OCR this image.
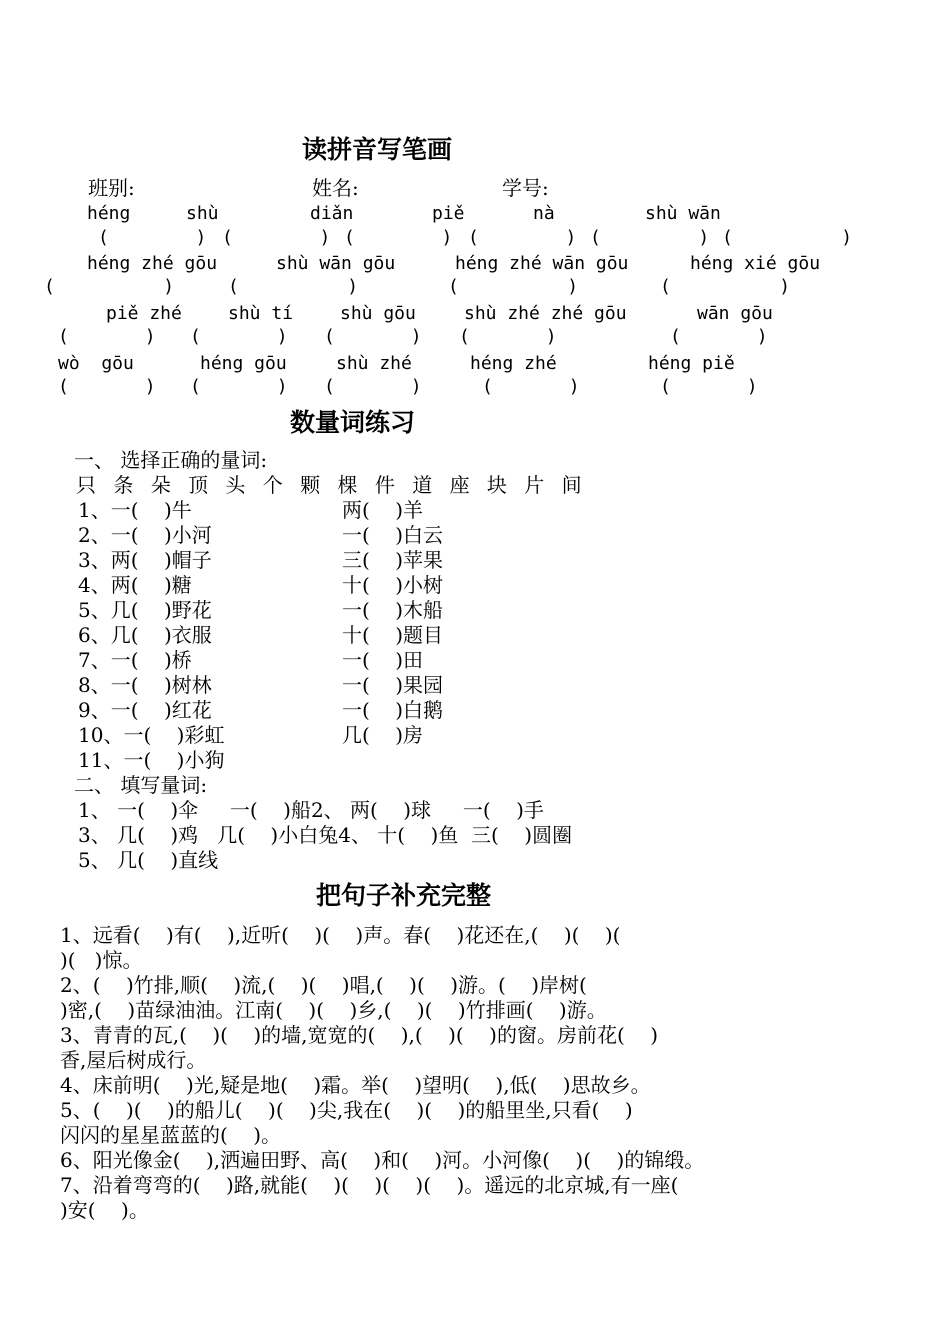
读拼音写笔画
班别:	姓名:	学号:
héng	shù	diǎn	piě	nà	shù wān
(        ) (        ) (        ) (        ) (         ) (          )
héng zhé gōu	shù wān gōu	héng zhé wān gōu	héng xié gōu
(          )	(          )	(          )	(          )
piě zhé	shù tí	shù gōu	shù zhé zhé gōu	wān gōu
(       ) (       ) (       ) (       )	(       )
wò  gōu	héng gōu	shù zhé	héng zhé	héng piě
(       ) (       ) (       )	(       )	(       )
数量词练习
一、 选择正确的量词:
只 条 朵 顶 头 个 颗 棵 件 道 座 块 片 间
1、一(    )牛	两(    )羊
2、一(    )小河	一(    )白云
3、两(    )帽子	三(    )苹果
4、两(    )糖	十(    )小树
5、几(    )野花	一(    )木船
6、几(    )衣服	十(    )题目
7、一(    )桥	一(    )田
8、一(    )树林	一(    )果园
9、一(    )红花	一(    )白鹅
10、一(    )彩虹	几(    )房
11、一(    )小狗
二、 填写量词:
1、 一(    )伞     一(    )船2、 两(    )球     一(    )手
3、 几(    )鸡   几(    )小白兔4、 十(    )鱼  三(    )圆圈
5、 几(    )直线
把句子补充完整

1、远看(    )有(    ),近听(    )(    )声。春(    )花还在,(    )(    )(

)(   )惊。

2、(    )竹排,顺(    )流,(    )(    )唱,(    )(    )游。(    )岸树(

)密,(    )苗绿油油。江南(    )(    )乡,(    )(    )竹排画(    )游。

3、青青的瓦,(    )(    )的墙,宽宽的(    ),(    )(    )的窗。房前花(    )

香,屋后树成行。

4、床前明(    )光,疑是地(    )霜。举(    )望明(    ),低(    )思故乡。

5、(    )(    )的船儿(    )(    )尖,我在(    )(    )的船里坐,只看(    )

闪闪的星星蓝蓝的(    )。

6、阳光像金(    ),洒遍田野、高(    )和(    )河。小河像(    )(    )的锦缎。

7、沿着弯弯的(    )路,就能(    )(    )(    )(    )。遥远的北京城,有一座(

)安(    )。
